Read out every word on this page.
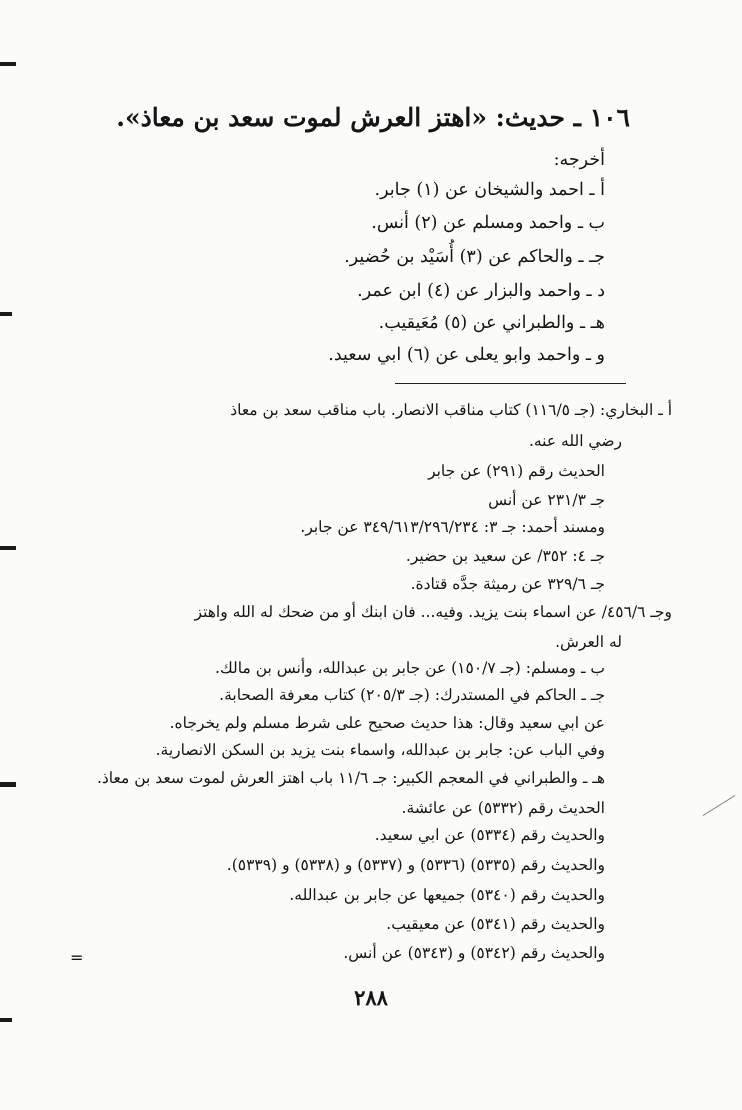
١٠٦ ـ حديث: «اهتز العرش لموت سعد بن معاذ».
أخرجه:
أ ـ احمد والشيخان عن (١) جابر.
ب ـ واحمد ومسلم عن (٢) أنس.
جـ ـ والحاكم عن (٣) أُسَيْد بن حُضير.
د ـ واحمد والبزار عن (٤) ابن عمر.
هـ ـ والطبراني عن (٥) مُعَيقيب.
و ـ واحمد وابو يعلى عن (٦) ابي سعيد.
أ ـ البخاري: (جـ ١١٦/٥) كتاب مناقب الانصار. باب مناقب سعد بن معاذ
رضي الله عنه.
الحديث رقم (٢٩١) عن جابر
جـ ٢٣١/٣ عن أنس
ومسند أحمد: جـ ٣: ٣٤٩/٦١٣/٢٩٦/٢٣٤ عن جابر.
جـ ٤: ٣٥٢/ عن سعيد بن حضير.
جـ ٣٢٩/٦ عن رميثة جدَّه قتادة.
وجـ ٤٥٦/٦/ عن اسماء بنت يزيد. وفيه... فان ابنك أو من ضحك له الله واهتز
له العرش.
ب ـ ومسلم: (جـ ١٥٠/٧) عن جابر بن عبدالله، وأنس بن مالك.
جـ ـ الحاكم في المستدرك: (جـ ٢٠٥/٣) كتاب معرفة الصحابة.
عن ابي سعيد وقال: هذا حديث صحيح على شرط مسلم ولم يخرجاه.
وفي الباب عن: جابر بن عبدالله، واسماء بنت يزيد بن السكن الانصارية.
هـ ـ والطبراني في المعجم الكبير: جـ ١١/٦ باب اهتز العرش لموت سعد بن معاذ.
الحديث رقم (٥٣٣٢) عن عائشة.
والحديث رقم (٥٣٣٤) عن ابي سعيد.
والحديث رقم (٥٣٣٥) (٥٣٣٦) و (٥٣٣٧) و (٥٣٣٨) و (٥٣٣٩).
والحديث رقم (٥٣٤٠) جميعها عن جابر بن عبدالله.
والحديث رقم (٥٣٤١) عن معيقيب.
والحديث رقم (٥٣٤٢) و (٥٣٤٣) عن أنس.
=
٢٨٨
